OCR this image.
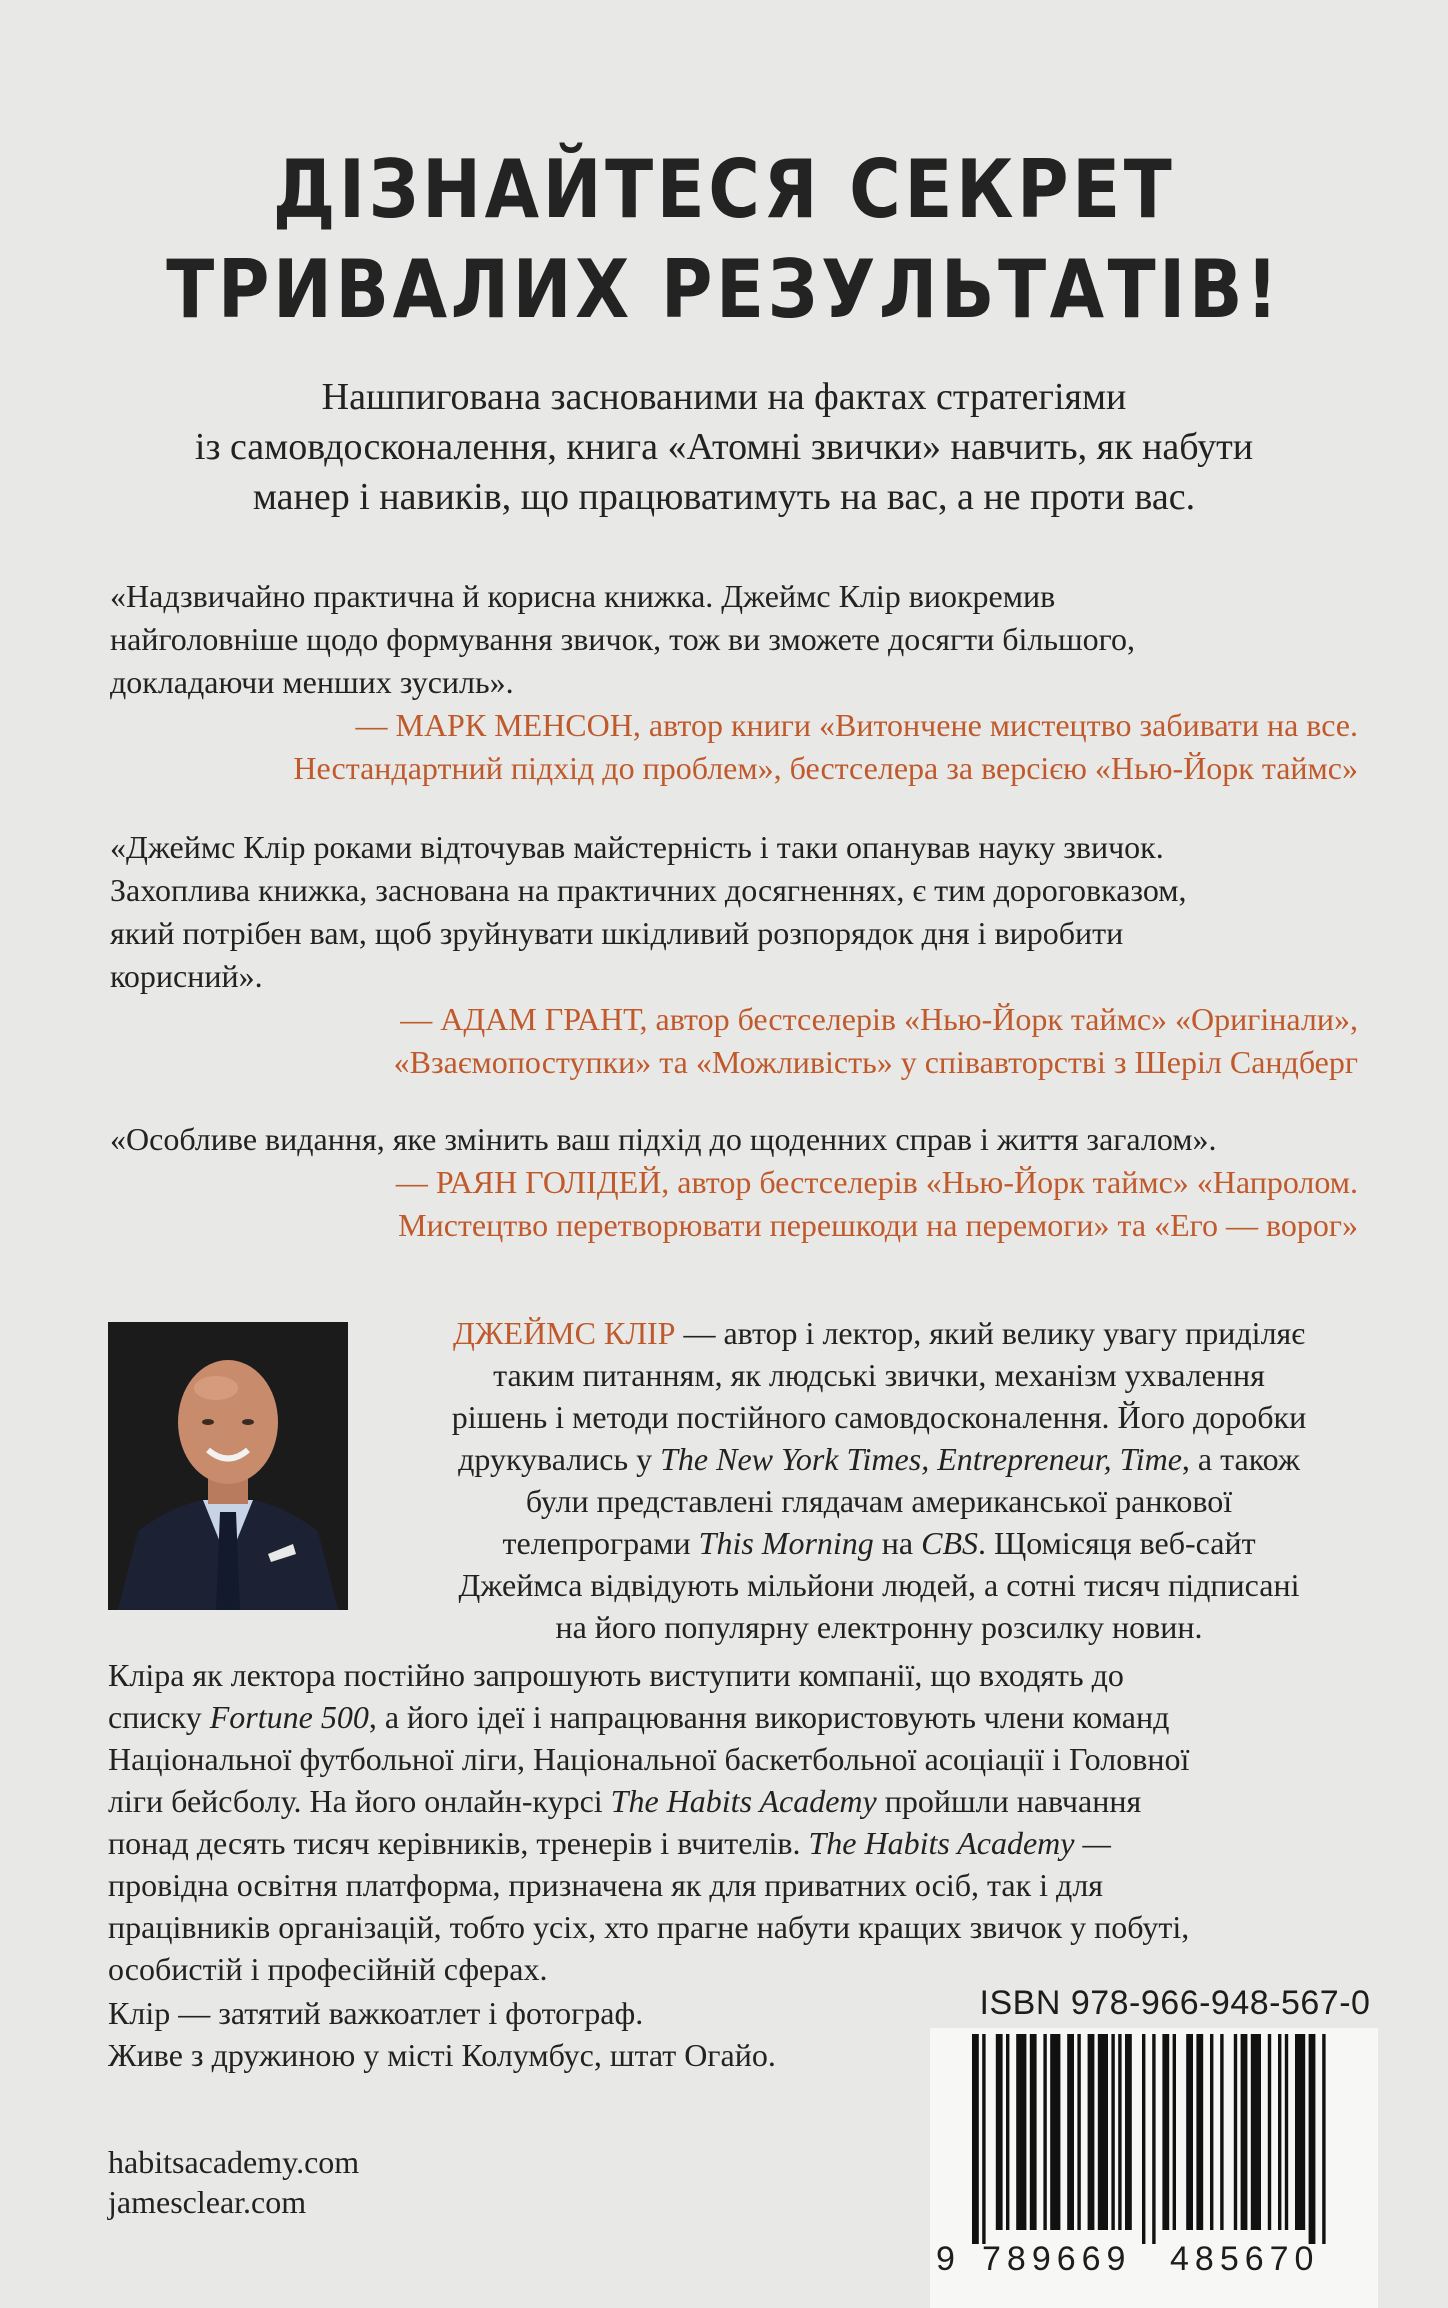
ДІЗНАЙТЕСЯ СЕКРЕТ
ТРИВАЛИХ РЕЗУЛЬТАТІВ!
Нашпигована заснованими на фактах стратегіями
із самовдосконалення, книга «Атомні звички» навчить, як набути
манер і навиків, що працюватимуть на вас, а не проти вас.
«Надзвичайно практична й корисна книжка. Джеймс Клір виокремив
найголовніше щодо формування звичок, тож ви зможете досягти більшого,
докладаючи менших зусиль».
— МАРК МЕНСОН, автор книги «Витончене мистецтво забивати на все.
Нестандартний підхід до проблем», бестселера за версією «Нью-Йорк таймс»
«Джеймс Клір роками відточував майстерність і таки опанував науку звичок.
Захоплива книжка, заснована на практичних досягненнях, є тим дороговказом,
який потрібен вам, щоб зруйнувати шкідливий розпорядок дня і виробити
корисний».
— АДАМ ГРАНТ, автор бестселерів «Нью-Йорк таймс» «Оригінали»,
«Взаємопоступки» та «Можливість» у співавторстві з Шеріл Сандберг
«Особливе видання, яке змінить ваш підхід до щоденних справ і життя загалом».
— РАЯН ГОЛІДЕЙ, автор бестселерів «Нью-Йорк таймс» «Напролом.
Мистецтво перетворювати перешкоди на перемоги» та «Его — ворог»
ДЖЕЙМС КЛІР — автор і лектор, який велику увагу приділяє
таким питанням, як людські звички, механізм ухвалення
рішень і методи постійного самовдосконалення. Його доробки
друкувались у The New York Times, Entrepreneur, Time, а також
були представлені глядачам американської ранкової
телепрограми This Morning на CBS. Щомісяця веб-сайт
Джеймса відвідують мільйони людей, а сотні тисяч підписані
на його популярну електронну розсилку новин.

Кліра як лектора постійно запрошують виступити компанії, що входять до

списку Fortune 500, а його ідеї і напрацювання використовують члени команд

Національної футбольної ліги, Національної баскетбольної асоціації і Головної

ліги бейсболу. На його онлайн-курсі The Habits Academy пройшли навчання

понад десять тисяч керівників, тренерів і вчителів. The Habits Academy —

провідна освітня платформа, призначена як для приватних осіб, так і для

працівників організацій, тобто усіх, хто прагне набути кращих звичок у побуті,

особистій і професійній сферах.

Клір — затятий важкоатлет і фотограф.

Живе з дружиною у місті Колумбус, штат Огайо.

habitsacademy.com
jamesclear.com
ISBN 978-966-948-567-0
9 789669 485670
